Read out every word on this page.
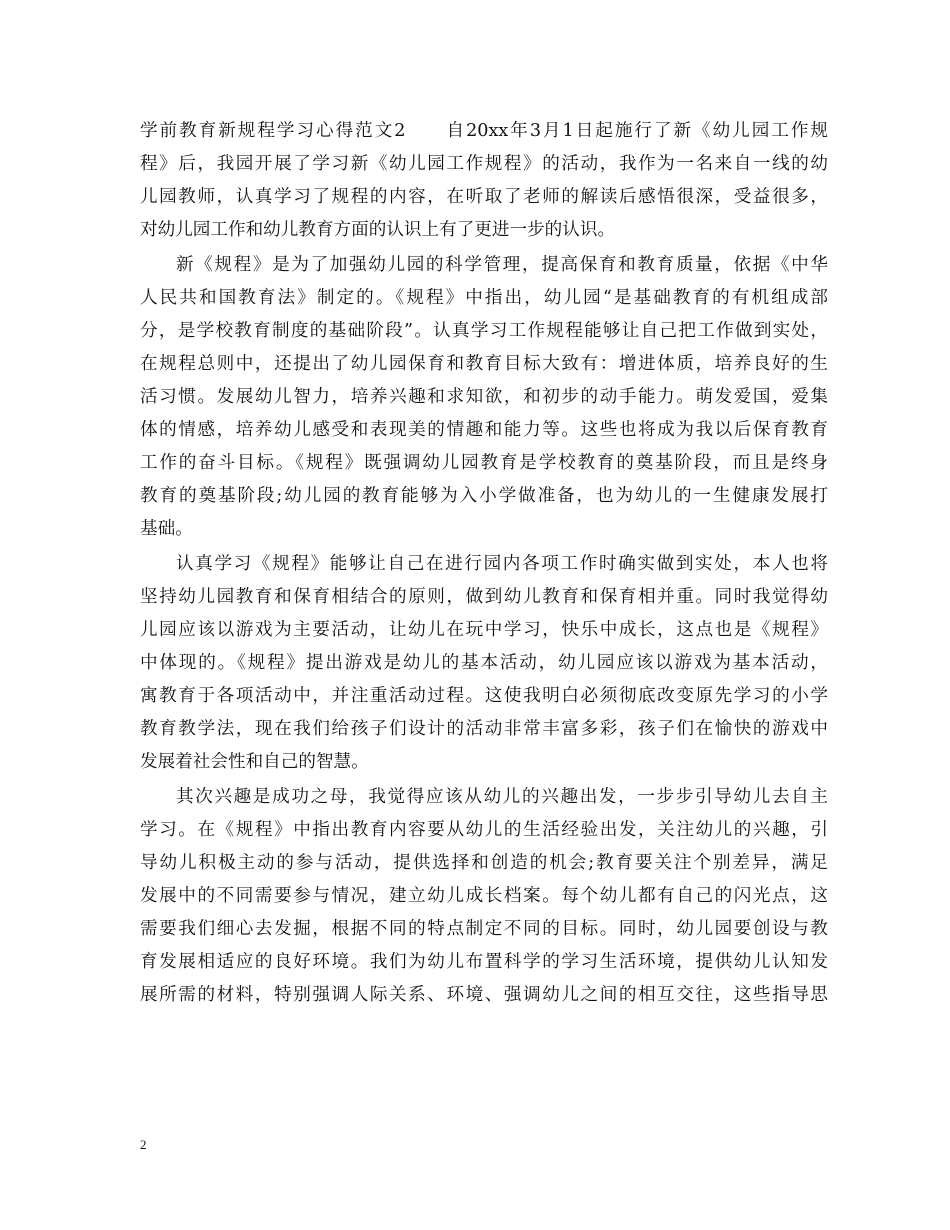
学前教育新规程学习心得范文2　　自20xx年3月1日起施行了新《幼儿园工作规
程》后，我园开展了学习新《幼儿园工作规程》的活动，我作为一名来自一线的幼
儿园教师，认真学习了规程的内容，在听取了老师的解读后感悟很深，受益很多，
对幼儿园工作和幼儿教育方面的认识上有了更进一步的认识。
新《规程》是为了加强幼儿园的科学管理，提高保育和教育质量，依据《中华
人民共和国教育法》制定的。《规程》中指出，幼儿园“是基础教育的有机组成部
分，是学校教育制度的基础阶段”。认真学习工作规程能够让自己把工作做到实处，
在规程总则中，还提出了幼儿园保育和教育目标大致有：增进体质，培养良好的生
活习惯。发展幼儿智力，培养兴趣和求知欲，和初步的动手能力。萌发爱国，爱集
体的情感，培养幼儿感受和表现美的情趣和能力等。这些也将成为我以后保育教育
工作的奋斗目标。《规程》既强调幼儿园教育是学校教育的奠基阶段，而且是终身
教育的奠基阶段;幼儿园的教育能够为入小学做准备，也为幼儿的一生健康发展打
基础。
认真学习《规程》能够让自己在进行园内各项工作时确实做到实处，本人也将
坚持幼儿园教育和保育相结合的原则，做到幼儿教育和保育相并重。同时我觉得幼
儿园应该以游戏为主要活动，让幼儿在玩中学习，快乐中成长，这点也是《规程》
中体现的。《规程》提出游戏是幼儿的基本活动，幼儿园应该以游戏为基本活动，
寓教育于各项活动中，并注重活动过程。这使我明白必须彻底改变原先学习的小学
教育教学法，现在我们给孩子们设计的活动非常丰富多彩，孩子们在愉快的游戏中
发展着社会性和自己的智慧。
其次兴趣是成功之母，我觉得应该从幼儿的兴趣出发，一步步引导幼儿去自主
学习。在《规程》中指出教育内容要从幼儿的生活经验出发，关注幼儿的兴趣，引
导幼儿积极主动的参与活动，提供选择和创造的机会;教育要关注个别差异，满足
发展中的不同需要参与情况，建立幼儿成长档案。每个幼儿都有自己的闪光点，这
需要我们细心去发掘，根据不同的特点制定不同的目标。同时，幼儿园要创设与教
育发展相适应的良好环境。我们为幼儿布置科学的学习生活环境，提供幼儿认知发
展所需的材料，特别强调人际关系、环境、强调幼儿之间的相互交往，这些指导思
2
